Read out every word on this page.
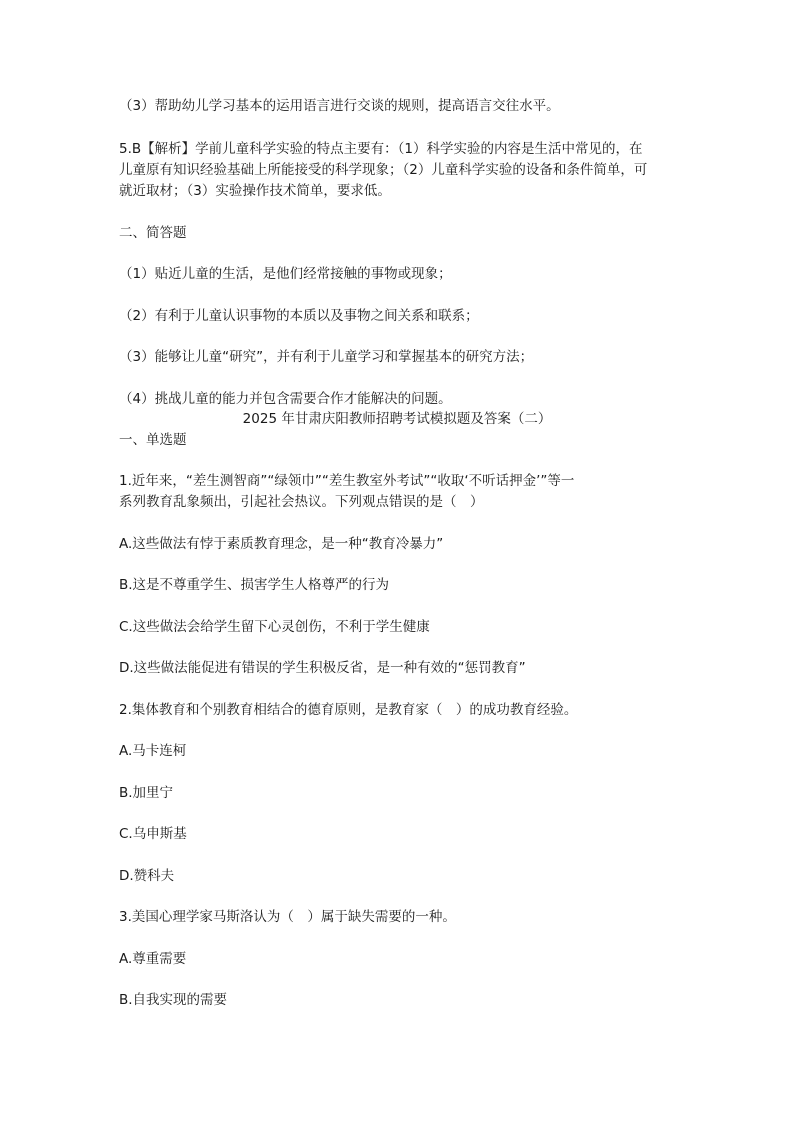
（3）帮助幼儿学习基本的运用语言进行交谈的规则，提高语言交往水平。
5.B【解析】学前儿童科学实验的特点主要有：（1）科学实验的内容是生活中常见的，在
儿童原有知识经验基础上所能接受的科学现象；（2）儿童科学实验的设备和条件简单，可
就近取材；（3）实验操作技术简单，要求低。
二、简答题
（1）贴近儿童的生活，是他们经常接触的事物或现象；
（2）有利于儿童认识事物的本质以及事物之间关系和联系；
（3）能够让儿童“研究”，并有利于儿童学习和掌握基本的研究方法；
（4）挑战儿童的能力并包含需要合作才能解决的问题。
2025 年甘肃庆阳教师招聘考试模拟题及答案（二）
一、单选题
1.近年来，“差生测智商”“绿领巾”“差生教室外考试”“收取‘不听话押金’”等一
系列教育乱象频出，引起社会热议。下列观点错误的是（　）
A.这些做法有悖于素质教育理念，是一种“教育冷暴力”
B.这是不尊重学生、损害学生人格尊严的行为
C.这些做法会给学生留下心灵创伤，不利于学生健康
D.这些做法能促进有错误的学生积极反省，是一种有效的“惩罚教育”
2.集体教育和个别教育相结合的德育原则，是教育家（　）的成功教育经验。
A.马卡连柯
B.加里宁
C.乌申斯基
D.赞科夫
3.美国心理学家马斯洛认为（　）属于缺失需要的一种。
A.尊重需要
B.自我实现的需要
